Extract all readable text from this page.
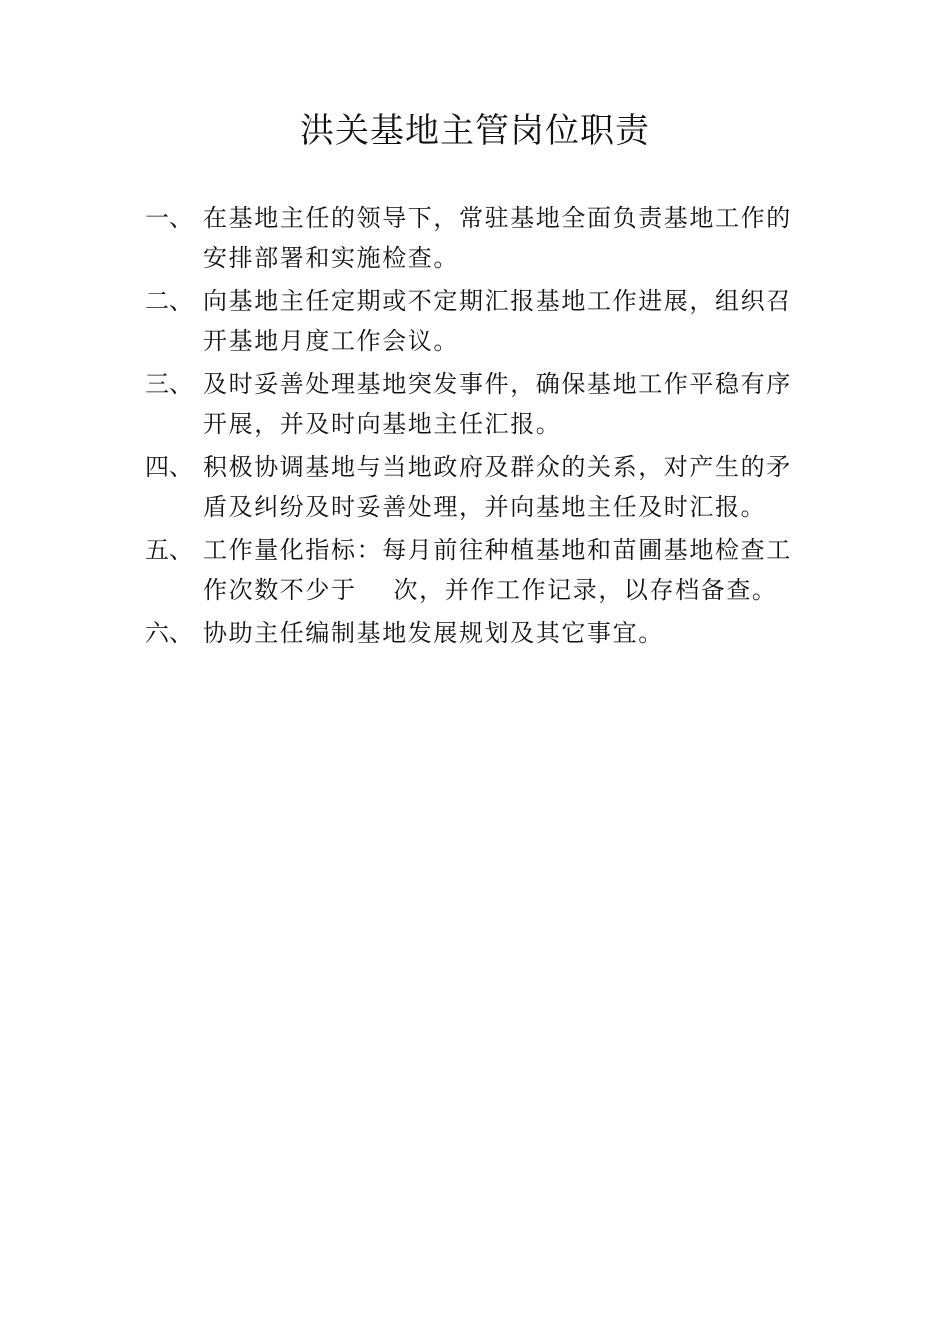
洪关基地主管岗位职责
一、 在基地主任的领导下，常驻基地全面负责基地工作的安排部署和实施检查。
二、 向基地主任定期或不定期汇报基地工作进展，组织召开基地月度工作会议。
三、 及时妥善处理基地突发事件，确保基地工作平稳有序开展，并及时向基地主任汇报。
四、 积极协调基地与当地政府及群众的关系，对产生的矛盾及纠纷及时妥善处理，并向基地主任及时汇报。
五、 工作量化指标：每月前往种植基地和苗圃基地检查工作次数不少于    次，并作工作记录，以存档备查。
六、 协助主任编制基地发展规划及其它事宜。
